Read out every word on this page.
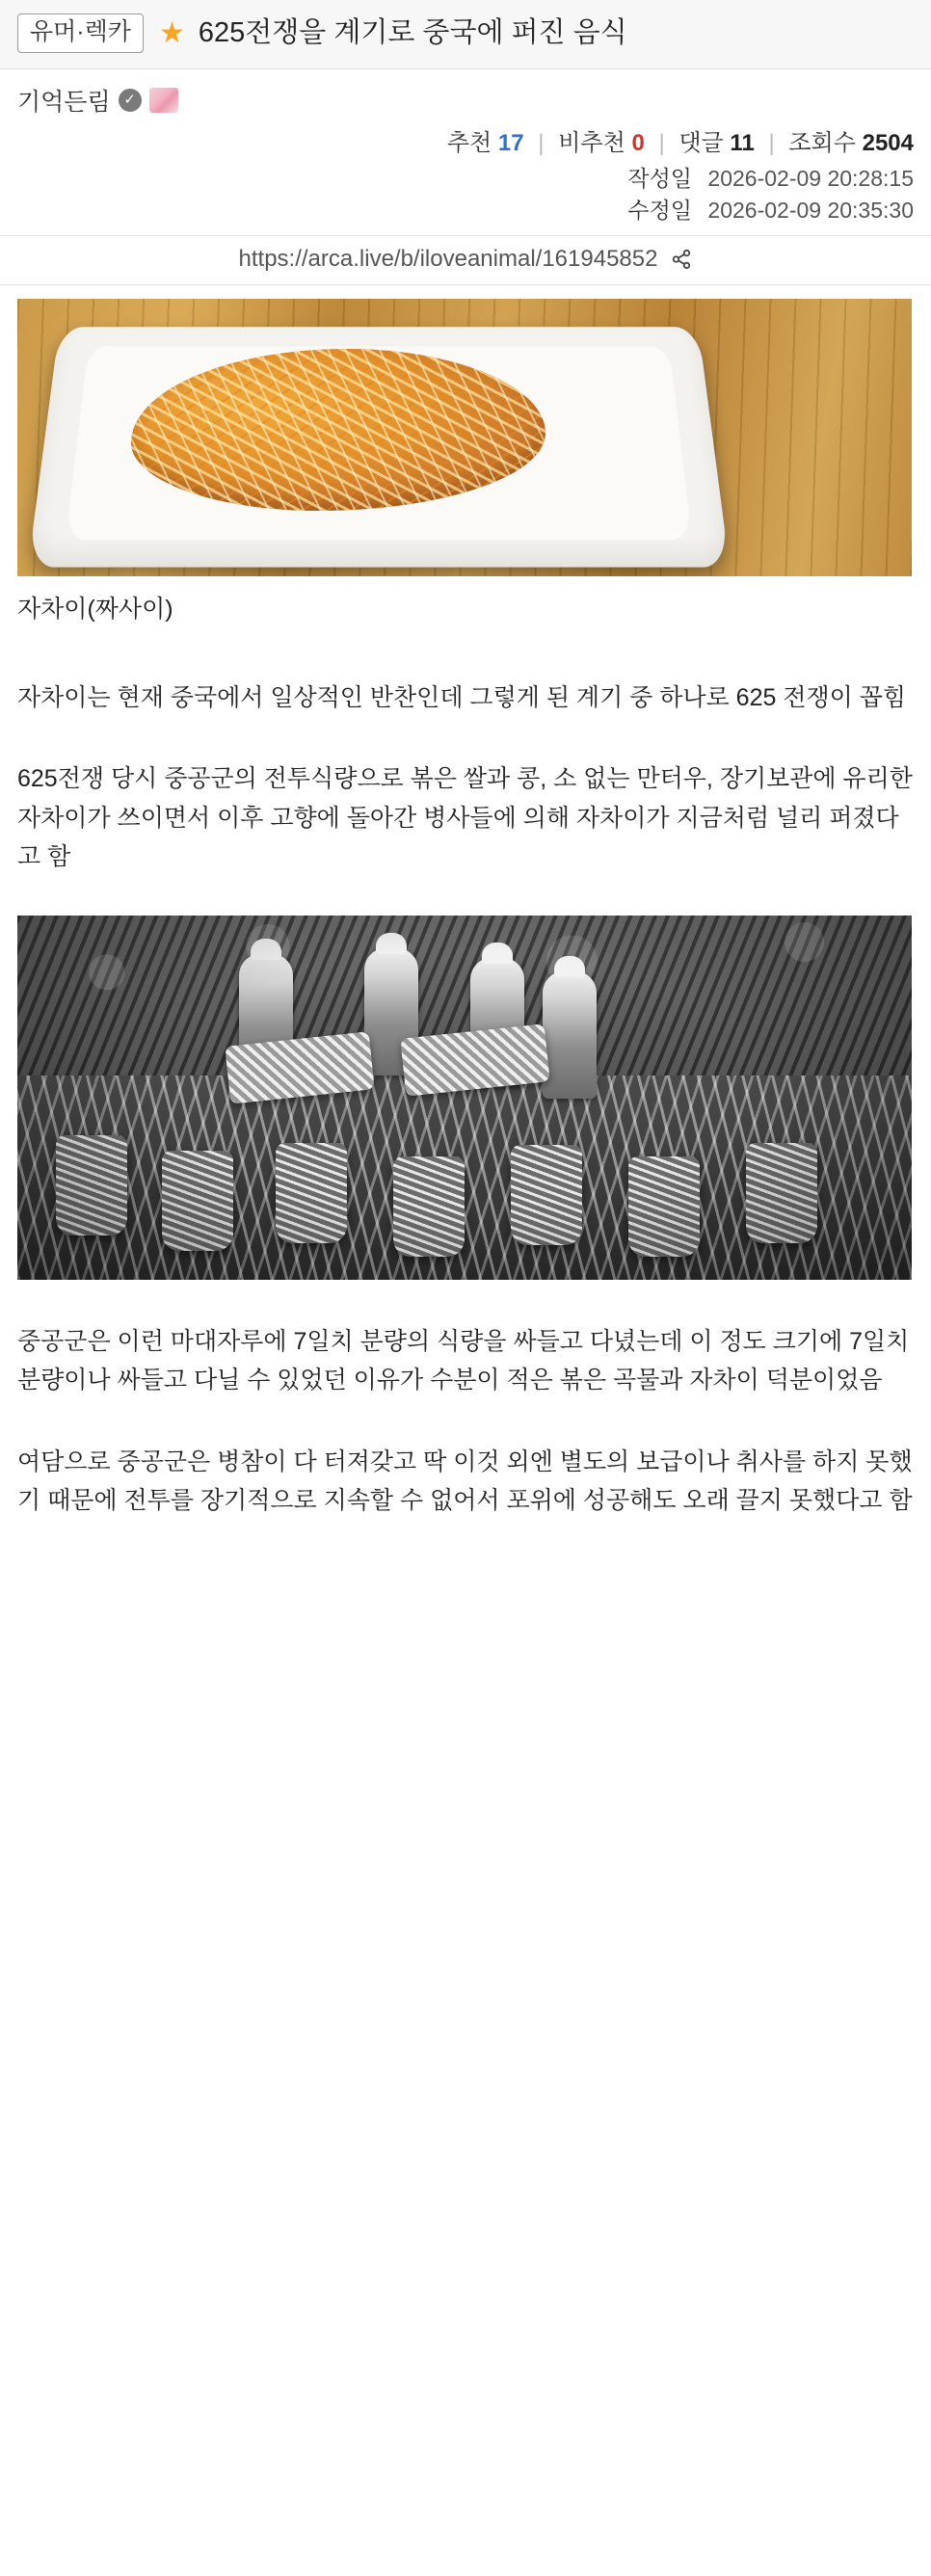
유머·렉카 ★ 625전쟁을 계기로 중국에 퍼진 음식
기억든림 ✓
추천 17 | 비추천 0 | 댓글 11 | 조회수 2504
작성일 2026-02-09 20:28:15
수정일 2026-02-09 20:35:30
https://arca.live/b/iloveanimal/161945852

자차이(짜사이)

자차이는 현재 중국에서 일상적인 반찬인데 그렇게 된 계기 중 하나로 625 전쟁이 꼽힘

625전쟁 당시 중공군의 전투식량으로 볶은 쌀과 콩, 소 없는 만터우, 장기보관에 유리한 자차이가 쓰이면서 이후 고향에 돌아간 병사들에 의해 자차이가 지금처럼 널리 퍼졌다고 함

중공군은 이런 마대자루에 7일치 분량의 식량을 싸들고 다녔는데 이 정도 크기에 7일치 분량이나 싸들고 다닐 수 있었던 이유가 수분이 적은 볶은 곡물과 자차이 덕분이었음

여담으로 중공군은 병참이 다 터져갖고 딱 이것 외엔 별도의 보급이나 취사를 하지 못했기 때문에 전투를 장기적으로 지속할 수 없어서 포위에 성공해도 오래 끌지 못했다고 함
